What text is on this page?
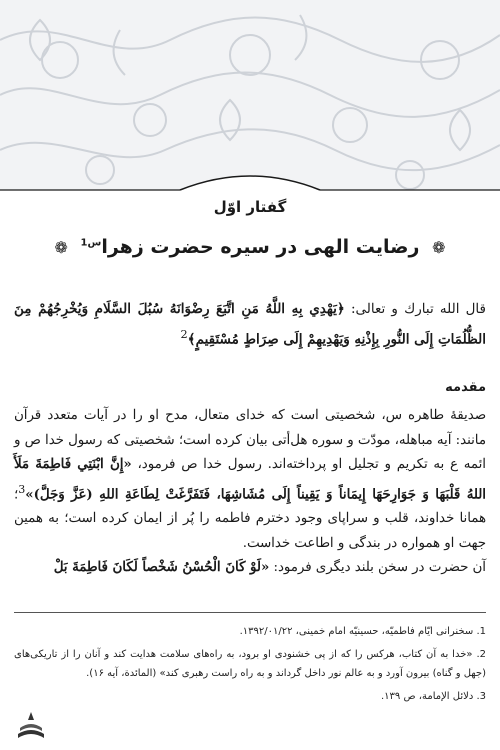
گفتار اوّل
❁ رضایت الهی در سیره حضرت زهرا$^{س1}$ ❁
قال الله تبارك و تعالی: ﴿يَهْدِي بِهِ اللَّهُ مَنِ اتَّبَعَ رِضْوَانَهُ سُبُلَ السَّلَامِ وَيُخْرِجُهُمْ مِنَ الظُّلُمَاتِ إِلَى النُّورِ بِإِذْنِهِ وَيَهْدِيهِمْ إِلَى صِرَاطٍ مُسْتَقِيمٍ﴾$^2$
مقدمه

صدیقهٔ طاهره س، شخصیتی است که خدای متعال، مدح او را در آیات متعدد قرآن مانند: آیه مباهله، مودّت و سوره هل‌أتی بیان کرده است؛ شخصیتی که رسول خدا ص و ائمه ع به تکریم و تجلیل او پرداخته‌اند. رسول خدا ص فرمود، «إِنَّ ابْنَتِي فَاطِمَةَ مَلَأَ اللهُ قَلْبَهَا وَ جَوَارِحَهَا إِيمَاناً وَ يَقِيناً إِلَى مُشَاشِهَا، فَتَفَرَّغَتْ لِطَاعَةِ اللهِ (عَزَّ وَجَلَّ)»$^3$؛ همانا خداوند، قلب و سراپای وجود دخترم فاطمه را پُر از ایمان کرده است؛ به همین جهت او همواره در بندگی و اطاعت خداست.

آن حضرت در سخن بلند دیگری فرمود: «لَوْ كَانَ الْحُسْنُ شَخْصاً لَكَانَ فَاطِمَةَ بَلْ

1. سخنرانی ایّام فاطمیّه، حسینیّه امام خمینی، ۱۳۹۲/۰۱/۲۲.

2. «خدا به آن کتاب، هرکس را که از پی خشنودی او برود، به راه‌های سلامت هدایت کند و آنان را از تاریکی‌های (جهل و گناه) بیرون آورد و به عالم نور داخل گرداند و به راه راست رهبری کند» (المائدة، آیه ۱۶).

3. دلائل الإمامة، ص ۱۳۹.
